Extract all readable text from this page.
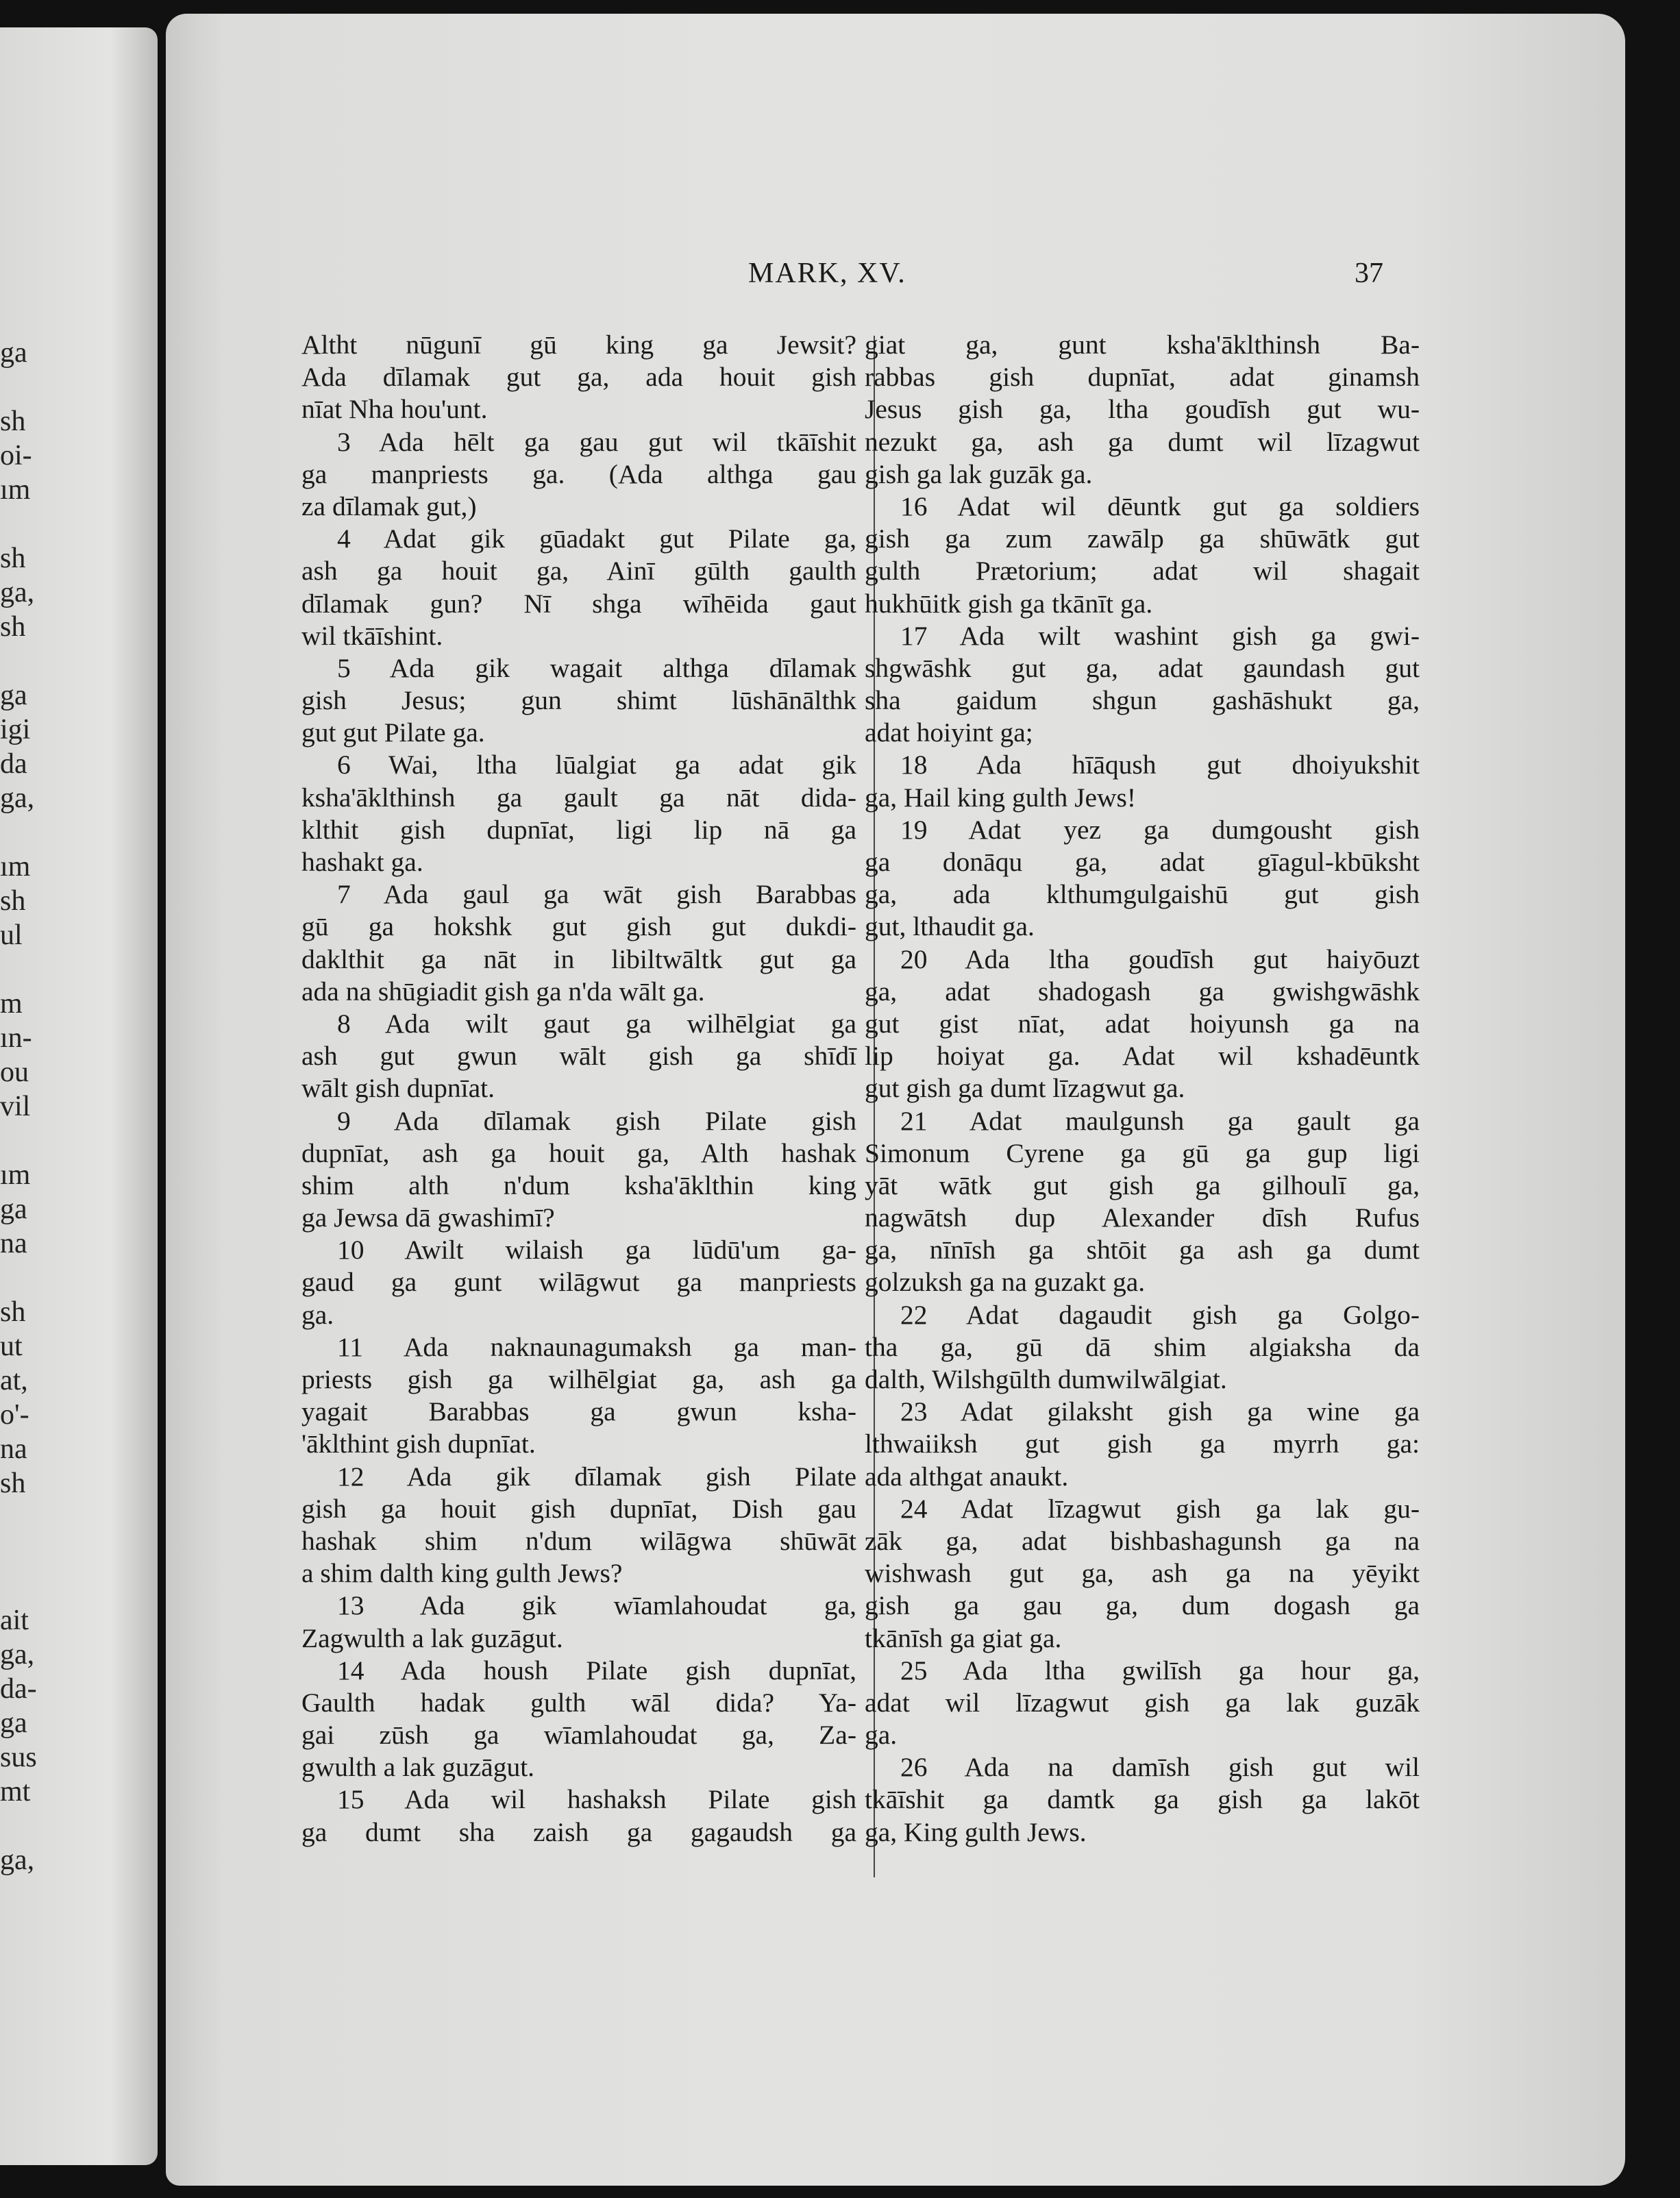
ga
sh
oi-
ım
sh
ga,
sh
ga
igi
da
ga,
ım
sh
ul
m
ın-
ou
vil
ım
ga
na
sh
ut
at,
o'-
na
sh
ait
ga,
da-
ga
sus
mt
ga,
MARK, XV.	37
Altht nūgunī gū king ga Jewsit?
Ada dīlamak gut ga, ada houit gish
nīat Nha hou'unt.
3 Ada hēlt ga gau gut wil tkāīshit
ga manpriests ga. (Ada althga gau
za dīlamak gut,)
4 Adat gik gūadakt gut Pilate ga,
ash ga houit ga, Ainī gūlth gaulth
dīlamak gun? Nī shga wīhēida gaut
wil tkāīshint.
5 Ada gik wagait althga dīlamak
gish Jesus; gun shimt lūshānālthk
gut gut Pilate ga.
6 Wai, ltha lūalgiat ga adat gik
ksha'āklthinsh ga gault ga nāt dida-
klthit gish dupnīat, ligi lip nā ga
hashakt ga.
7 Ada gaul ga wāt gish Barabbas
gū ga hokshk gut gish gut dukdi-
daklthit ga nāt in libiltwāltk gut ga
ada na shūgiadit gish ga n'da wālt ga.
8 Ada wilt gaut ga wilhēlgiat ga
ash gut gwun wālt gish ga shīdī
wālt gish dupnīat.
9 Ada dīlamak gish Pilate gish
dupnīat, ash ga houit ga, Alth hashak
shim alth n'dum ksha'āklthin king
ga Jewsa dā gwashimī?
10 Awilt wilaish ga lūdū'um ga-
gaud ga gunt wilāgwut ga manpriests
ga.
11 Ada naknaunagumaksh ga man-
priests gish ga wilhēlgiat ga, ash ga
yagait Barabbas ga gwun ksha-
'āklthint gish dupnīat.
12 Ada gik dīlamak gish Pilate
gish ga houit gish dupnīat, Dish gau
hashak shim n'dum wilāgwa shūwāt
a shim dalth king gulth Jews?
13 Ada gik wīamlahoudat ga,
Zagwulth a lak guzāgut.
14 Ada housh Pilate gish dupnīat,
Gaulth hadak gulth wāl dida? Ya-
gai zūsh ga wīamlahoudat ga, Za-
gwulth a lak guzāgut.
15 Ada wil hashaksh Pilate gish
ga dumt sha zaish ga gagaudsh ga
giat ga, gunt ksha'āklthinsh Ba-
rabbas gish dupnīat, adat ginamsh
Jesus gish ga, ltha goudīsh gut wu-
nezukt ga, ash ga dumt wil līzagwut
gish ga lak guzāk ga.
16 Adat wil dēuntk gut ga soldiers
gish ga zum zawālp ga shūwātk gut
gulth Prætorium; adat wil shagait
hukhūitk gish ga tkānīt ga.
17 Ada wilt washint gish ga gwi-
shgwāshk gut ga, adat gaundash gut
sha gaidum shgun gashāshukt ga,
adat hoiyint ga;
18 Ada hīāqush gut dhoiyukshit
ga, Hail king gulth Jews!
19 Adat yez ga dumgousht gish
ga donāqu ga, adat gīagul-kbūksht
ga, ada klthumgulgaishū gut gish
gut, lthaudit ga.
20 Ada ltha goudīsh gut haiyōuzt
ga, adat shadogash ga gwishgwāshk
gut gist nīat, adat hoiyunsh ga na
lip hoiyat ga. Adat wil kshadēuntk
gut gish ga dumt līzagwut ga.
21 Adat maulgunsh ga gault ga
Simonum Cyrene ga gū ga gup ligi
yāt wātk gut gish ga gilhoulī ga,
nagwātsh dup Alexander dīsh Rufus
ga, nīnīsh ga shtōit ga ash ga dumt
golzuksh ga na guzakt ga.
22 Adat dagaudit gish ga Golgo-
tha ga, gū dā shim algiaksha da
dalth, Wilshgūlth dumwilwālgiat.
23 Adat gilaksht gish ga wine ga
lthwaiiksh gut gish ga myrrh ga:
ada althgat anaukt.
24 Adat līzagwut gish ga lak gu-
zāk ga, adat bishbashagunsh ga na
wishwash gut ga, ash ga na yēyikt
gish ga gau ga, dum dogash ga
tkānīsh ga giat ga.
25 Ada ltha gwilīsh ga hour ga,
adat wil līzagwut gish ga lak guzāk
ga.
26 Ada na damīsh gish gut wil
tkāīshit ga damtk ga gish ga lakōt
ga, King gulth Jews.
